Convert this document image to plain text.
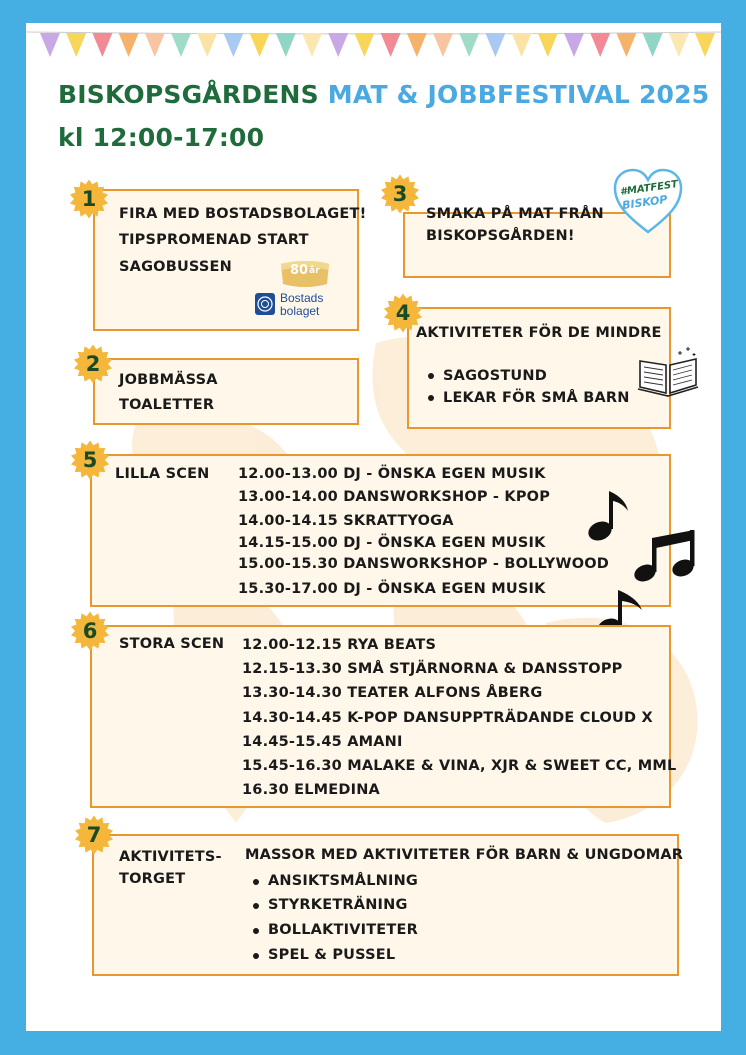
BISKOPSGÅRDENS MAT & JOBBFESTIVAL 2025
kl 12:00-17:00
FIRA MED BOSTADSBOLAGET!
TIPSPROMENAD START
SAGOBUSSEN	80 år
Bostads
bolaget
1
JOBBMÄSSA
TOALETTER
2
SMAKA PÅ MAT FRÅN
BISKOPSGÅRDEN!
#MATFEST
BISKOP
3
AKTIVITETER FÖR DE MINDRE
SAGOSTUND
LEKAR FÖR SMÅ BARN
4
LILLA SCEN 12.00-13.00 DJ - ÖNSKA EGEN MUSIK
13.00-14.00 DANSWORKSHOP - KPOP
14.00-14.15 SKRATTYOGA
14.15-15.00 DJ - ÖNSKA EGEN MUSIK
15.00-15.30 DANSWORKSHOP - BOLLYWOOD
15.30-17.00 DJ - ÖNSKA EGEN MUSIK
5
STORA SCEN 12.00-12.15 RYA BEATS
12.15-13.30 SMÅ STJÄRNORNA & DANSSTOPP
13.30-14.30 TEATER ALFONS ÅBERG
14.30-14.45 K-POP DANSUPPTRÄDANDE CLOUD X
14.45-15.45 AMANI
15.45-16.30 MALAKE & VINA, XJR & SWEET CC, MML
16.30 ELMEDINA
6
AKTIVITETS-
TORGET
MASSOR MED AKTIVITETER FÖR BARN & UNGDOMAR
ANSIKTSMÅLNING
STYRKETRÄNING
BOLLAKTIVITETER
SPEL & PUSSEL
7
